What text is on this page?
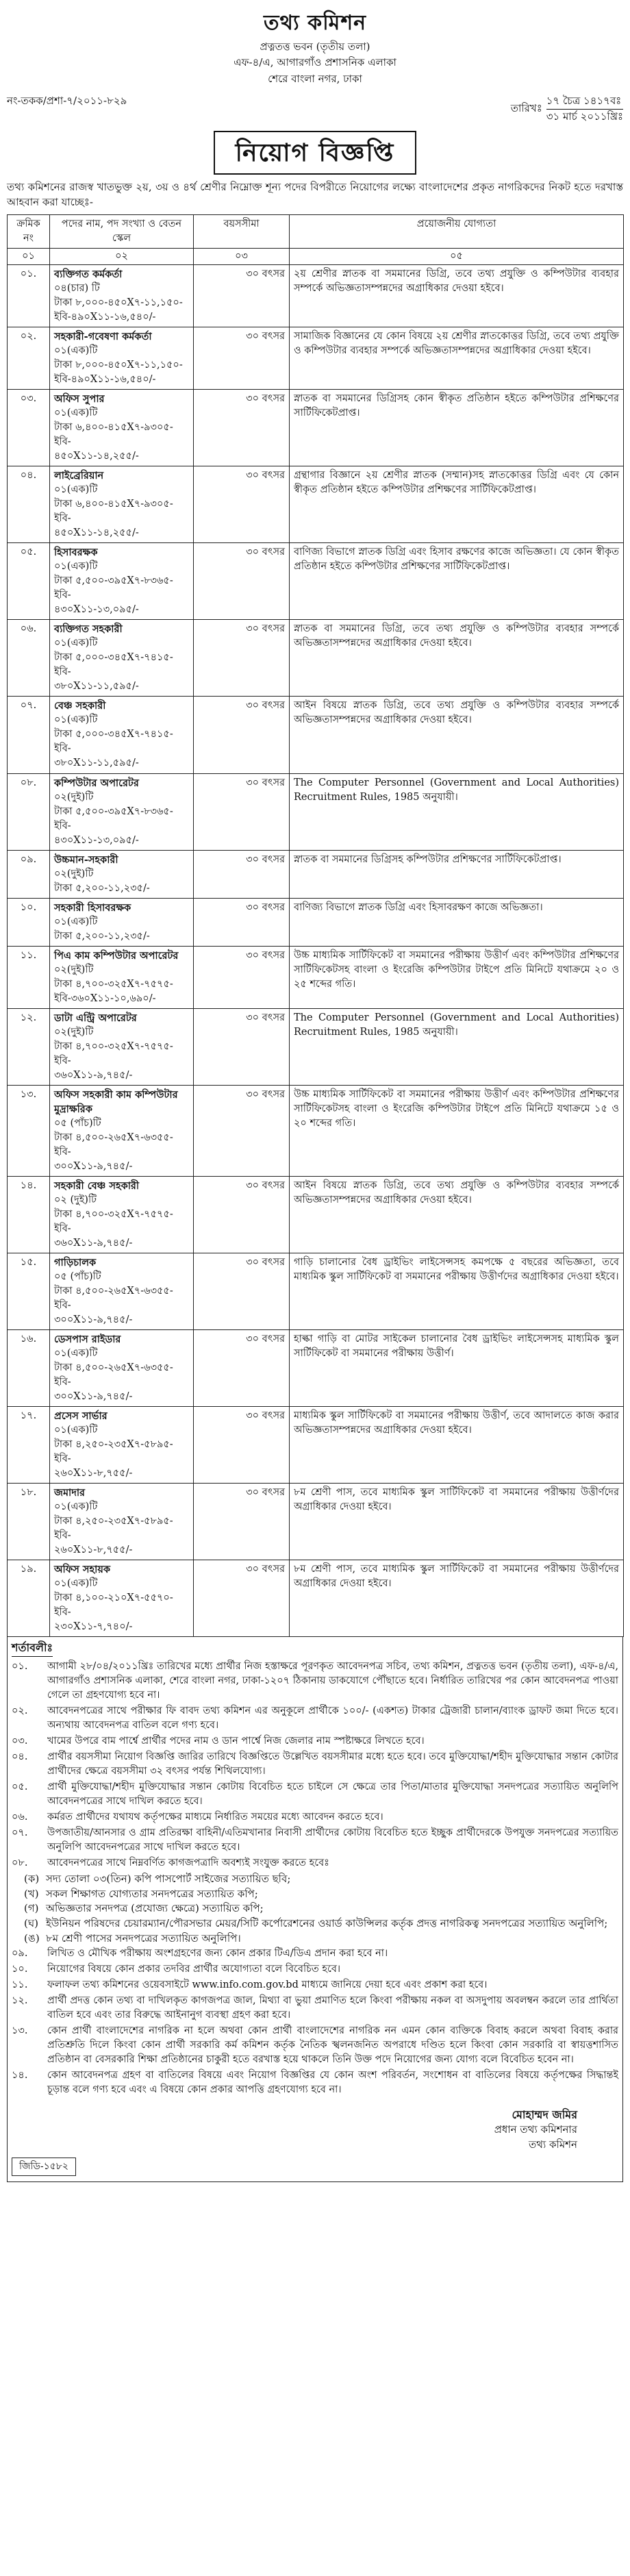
তথ্য কমিশন
প্রত্নতত্ত ভবন (তৃতীয় তলা)
এফ-৪/এ, আগারগাঁও প্রশাসনিক এলাকা
শেরে বাংলা নগর, ঢাকা
নং-তকক/প্রশা-৭/২০১১-৮২৯
তারিখঃ
১৭ চৈত্র ১৪১৭বঃ
৩১ মার্চ ২০১১খ্রিঃ
নিয়োগ বিজ্ঞপ্তি

তথ্য কমিশনের রাজস্ব খাতভুক্ত ২য়, ৩য় ও ৪র্থ শ্রেণীর নিম্নোক্ত শূন্য পদের বিপরীতে নিয়োগের লক্ষ্যে বাংলাদেশের প্রকৃত নাগরিকদের নিকট হতে দরখাস্ত আহবান করা যাচ্ছেঃ-

ক্রমিক নং	পদের নাম, পদ সংখ্যা ও বেতন স্কেল	বয়সসীমা	প্রয়োজনীয় যোগ্যতা
০১	০২	০৩	০৫
০১.	ব্যক্তিগত কর্মকর্তা
০৪(চার) টি
টাকা ৮,০০০-৪৫০X৭-১১,১৫০-
ইবি-৪৯০X১১-১৬,৫৪০/-	৩০ বৎসর	২য় শ্রেণীর স্নাতক বা সমমানের ডিগ্রি, তবে তথ্য প্রযুক্তি ও কম্পিউটার ব্যবহার সম্পর্কে অভিজ্ঞতাসম্পন্নদের অগ্রাধিকার দেওয়া হইবে।
০২.	সহকারী-গবেষণা কর্মকর্তা
০১(এক)টি
টাকা ৮,০০০-৪৫০X৭-১১,১৫০-
ইবি-৪৯০X১১-১৬,৫৪০/-	৩০ বৎসর	সামাজিক বিজ্ঞানের যে কোন বিষয়ে ২য় শ্রেণীর স্নাতকোত্তর ডিগ্রি, তবে তথ্য প্রযুক্তি ও কম্পিউটার ব্যবহার সম্পর্কে অভিজ্ঞতাসম্পন্নদের অগ্রাধিকার দেওয়া হইবে।
০৩.	অফিস সুপার
০১(এক)টি
টাকা ৬,৪০০-৪১৫X৭-৯৩০৫-ইবি-
৪৫০X১১-১৪,২৫৫/-	৩০ বৎসর	স্নাতক বা সমমানের ডিগ্রিসহ কোন স্বীকৃত প্রতিষ্ঠান হইতে কম্পিউটার প্রশিক্ষণের সার্টিফিকেটপ্রাপ্ত।
০৪.	লাইব্রেরিয়ান
০১(এক)টি
টাকা ৬,৪০০-৪১৫X৭-৯৩০৫-ইবি-
৪৫০X১১-১৪,২৫৫/-	৩০ বৎসর	গ্রন্থাগার বিজ্ঞানে ২য় শ্রেণীর স্নাতক (সম্মান)সহ স্নাতকোত্তর ডিগ্রি এবং যে কোন স্বীকৃত প্রতিষ্ঠান হইতে কম্পিউটার প্রশিক্ষণের সার্টিফিকেটপ্রাপ্ত।
০৫.	হিসাবরক্ষক
০১(এক)টি
টাকা ৫,৫০০-৩৯৫X৭-৮৩৬৫-ইবি-
৪৩০X১১-১৩,০৯৫/-	৩০ বৎসর	বাণিজ্য বিভাগে স্নাতক ডিগ্রি এবং হিসাব রক্ষণের কাজে অভিজ্ঞতা। যে কোন স্বীকৃত প্রতিষ্ঠান হইতে কম্পিউটার প্রশিক্ষণের সার্টিফিকেটপ্রাপ্ত।
০৬.	ব্যক্তিগত সহকারী
০১(এক)টি
টাকা ৫,০০০-৩৪৫X৭-৭৪১৫-ইবি-
৩৮০X১১-১১,৫৯৫/-	৩০ বৎসর	স্নাতক বা সমমানের ডিগ্রি, তবে তথ্য প্রযুক্তি ও কম্পিউটার ব্যবহার সম্পর্কে অভিজ্ঞতাসম্পন্নদের অগ্রাধিকার দেওয়া হইবে।
০৭.	বেঞ্চ সহকারী
০১(এক)টি
টাকা ৫,০০০-৩৪৫X৭-৭৪১৫-ইবি-
৩৮০X১১-১১,৫৯৫/-	৩০ বৎসর	আইন বিষয়ে স্নাতক ডিগ্রি, তবে তথ্য প্রযুক্তি ও কম্পিউটার ব্যবহার সম্পর্কে অভিজ্ঞতাসম্পন্নদের অগ্রাধিকার দেওয়া হইবে।
০৮.	কম্পিউটার অপারেটর
০২(দুই)টি
টাকা ৫,৫০০-৩৯৫X৭-৮৩৬৫-ইবি-
৪৩০X১১-১৩,০৯৫/-	৩০ বৎসর	The Computer Personnel (Government and Local Authorities) Recruitment Rules, 1985 অনুযায়ী।
০৯.	উচ্চমান-সহকারী
০২(দুই)টি
টাকা ৫,২০০-১১,২৩৫/-	৩০ বৎসর	স্নাতক বা সমমানের ডিগ্রিসহ কম্পিউটার প্রশিক্ষণের সার্টিফিকেটপ্রাপ্ত।
১০.	সহকারী হিসাবরক্ষক
০১(এক)টি
টাকা ৫,২০০-১১,২৩৫/-	৩০ বৎসর	বাণিজ্য বিভাগে স্নাতক ডিগ্রি এবং হিসাবরক্ষণ কাজে অভিজ্ঞতা।
১১.	পিএ কাম কম্পিউটার অপারেটর
০২(দুই)টি
টাকা ৪,৭০০-৩২৫X৭-৭৫৭৫-
ইবি-৩৬০X১১-১০,৬৯০/-	৩০ বৎসর	উচ্চ মাধ্যমিক সার্টিফিকেট বা সমমানের পরীক্ষায় উত্তীর্ণ এবং কম্পিউটার প্রশিক্ষণের সার্টিফিকেটসহ বাংলা ও ইংরেজি কম্পিউটার টাইপে প্রতি মিনিটে যথাক্রমে ২০ ও ২৫ শব্দের গতি।
১২.	ডাটা এন্ট্রি অপারেটর
০২(দুই)টি
টাকা ৪,৭০০-৩২৫X৭-৭৫৭৫-ইবি-
৩৬০X১১-৯,৭৪৫/-	৩০ বৎসর	The Computer Personnel (Government and Local Authorities) Recruitment Rules, 1985 অনুযায়ী।
১৩.	অফিস সহকারী কাম কম্পিউটার মুদ্রাক্ষরিক
০৫ (পাঁচ)টি
টাকা ৪,৫০০-২৬৫X৭-৬৩৫৫-ইবি-
৩০০X১১-৯,৭৪৫/-	৩০ বৎসর	উচ্চ মাধ্যমিক সার্টিফিকেট বা সমমানের পরীক্ষায় উত্তীর্ণ এবং কম্পিউটার প্রশিক্ষণের সার্টিফিকেটসহ বাংলা ও ইংরেজি কম্পিউটার টাইপে প্রতি মিনিটে যথাক্রমে ১৫ ও ২০ শব্দের গতি।
১৪.	সহকারী বেঞ্চ সহকারী
০২ (দুই)টি
টাকা ৪,৭০০-৩২৫X৭-৭৫৭৫-ইবি-
৩৬০X১১-৯,৭৪৫/-	৩০ বৎসর	আইন বিষয়ে স্নাতক ডিগ্রি, তবে তথ্য প্রযুক্তি ও কম্পিউটার ব্যবহার সম্পর্কে অভিজ্ঞতাসম্পন্নদের অগ্রাধিকার দেওয়া হইবে।
১৫.	গাড়িচালক
০৫ (পাঁচ)টি
টাকা ৪,৫০০-২৬৫X৭-৬৩৫৫-ইবি-
৩০০X১১-৯,৭৪৫/-	৩০ বৎসর	গাড়ি চালানোর বৈধ ড্রাইভিং লাইসেন্সসহ কমপক্ষে ৫ বছরের অভিজ্ঞতা, তবে মাধ্যমিক স্কুল সার্টিফিকেট বা সমমানের পরীক্ষায় উত্তীর্ণদের অগ্রাধিকার দেওয়া হইবে।
১৬.	ডেসপাস রাইডার
০১(এক)টি
টাকা ৪,৫০০-২৬৫X৭-৬৩৫৫-ইবি-
৩০০X১১-৯,৭৪৫/-	৩০ বৎসর	হাল্কা গাড়ি বা মোটর সাইকেল চালানোর বৈধ ড্রাইভিং লাইসেন্সসহ মাধ্যমিক স্কুল সার্টিফিকেট বা সমমানের পরীক্ষায় উত্তীর্ণ।
১৭.	প্রসেস সার্ভার
০১(এক)টি
টাকা ৪,২৫০-২৩৫X৭-৫৮৯৫-ইবি-
২৬০X১১-৮,৭৫৫/-	৩০ বৎসর	মাধ্যমিক স্কুল সার্টিফিকেট বা সমমানের পরীক্ষায় উত্তীর্ণ, তবে আদালতে কাজ করার অভিজ্ঞতাসম্পন্নদের অগ্রাধিকার দেওয়া হইবে।
১৮.	জমাদার
০১(এক)টি
টাকা ৪,২৫০-২৩৫X৭-৫৮৯৫-ইবি-
২৬০X১১-৮,৭৫৫/-	৩০ বৎসর	৮ম শ্রেণী পাস, তবে মাধ্যমিক স্কুল সার্টিফিকেট বা সমমানের পরীক্ষায় উত্তীর্ণদের অগ্রাধিকার দেওয়া হইবে।
১৯.	অফিস সহায়ক
০১(এক)টি
টাকা ৪,১০০-২১০X৭-৫৫৭০-ইবি-
২৩০X১১-৭,৭৪০/-	৩০ বৎসর	৮ম শ্রেণী পাস, তবে মাধ্যমিক স্কুল সার্টিফিকেট বা সমমানের পরীক্ষায় উত্তীর্ণদের অগ্রাধিকার দেওয়া হইবে।
শর্তাবলীঃ
০১.	আগামী ২৮/০৪/২০১১খ্রিঃ তারিখের মধ্যে প্রার্থীর নিজ হস্তাক্ষরে পূরণকৃত আবেদনপত্র সচিব, তথ্য কমিশন, প্রত্নতত্ত ভবন (তৃতীয় তলা), এফ-৪/এ, আগারগাঁও প্রশাসনিক এলাকা, শেরে বাংলা নগর, ঢাকা-১২০৭ ঠিকানায় ডাকযোগে পৌঁছাতে হবে। নির্ধারিত তারিখের পর কোন আবেদনপত্র পাওয়া গেলে তা গ্রহণযোগ্য হবে না।
০২.	আবেদনপত্রের সাথে পরীক্ষার ফি বাবদ তথ্য কমিশন এর অনুকূলে প্রার্থীকে ১০০/- (একশত) টাকার ট্রেজারী চালান/ব্যাংক ড্রাফট জমা দিতে হবে। অন্যথায় আবেদনপত্র বাতিল বলে গণ্য হবে।
০৩.	খামের উপরে বাম পার্শ্বে প্রার্থীর পদের নাম ও ডান পার্শ্বে নিজ জেলার নাম স্পষ্টাক্ষরে লিখতে হবে।
০৪.	প্রার্থীর বয়সসীমা নিয়োগ বিজ্ঞপ্তি জারির তারিখে বিজ্ঞপ্তিতে উল্লেখিত বয়সসীমার মধ্যে হতে হবে। তবে মুক্তিযোদ্ধা/শহীদ মুক্তিযোদ্ধার সন্তান কোটার প্রার্থীদের ক্ষেত্রে বয়সসীমা ৩২ বৎসর পর্যন্ত শিথিলযোগ্য।
০৫.	প্রার্থী মুক্তিযোদ্ধা/শহীদ মুক্তিযোদ্ধার সন্তান কোটায় বিবেচিত হতে চাইলে সে ক্ষেত্রে তার পিতা/মাতার মুক্তিযোদ্ধা সনদপত্রের সত্যায়িত অনুলিপি আবেদনপত্রের সাথে দাখিল করতে হবে।
০৬.	কর্মরত প্রার্থীদের যথাযথ কর্তৃপক্ষের মাধ্যমে নির্ধারিত সময়ের মধ্যে আবেদন করতে হবে।
০৭.	উপজাতীয়/আনসার ও গ্রাম প্রতিরক্ষা বাহিনী/এতিমখানার নিবাসী প্রার্থীদের কোটায় বিবেচিত হতে ইচ্ছুক প্রার্থীদেরকে উপযুক্ত সনদপত্রের সত্যায়িত অনুলিপি আবেদনপত্রের সাথে দাখিল করতে হবে।
০৮.	আবেদনপত্রের সাথে নিম্নবর্ণিত কাগজপত্রাদি অবশ্যই সংযুক্ত করতে হবেঃ
(ক) সদ্য তোলা ০৩(তিন) কপি পাসপোর্ট সাইজের সত্যায়িত ছবি;
(খ) সকল শিক্ষাগত যোগ্যতার সনদপত্রের সত্যায়িত কপি;
(গ) অভিজ্ঞতার সনদপত্র (প্রযোজ্য ক্ষেত্রে) সত্যায়িত কপি;
(ঘ) ইউনিয়ন পরিষদের চেয়ারম্যান/পৌরসভার মেয়র/সিটি কর্পোরেশনের ওয়ার্ড কাউন্সিলর কর্তৃক প্রদত্ত নাগরিকত্ব সনদপত্রের সত্যায়িত অনুলিপি;
(ঙ) ৮ম শ্রেণী পাসের সনদপত্রের সত্যায়িত অনুলিপি।
০৯.	লিখিত ও মৌখিক পরীক্ষায় অংশগ্রহণের জন্য কোন প্রকার টিএ/ডিএ প্রদান করা হবে না।
১০.	নিয়োগের বিষয়ে কোন প্রকার তদবির প্রার্থীর অযোগ্যতা বলে বিবেচিত হবে।
১১.	ফলাফল তথ্য কমিশনের ওয়েবসাইটে www.info.com.gov.bd মাধ্যমে জানিয়ে দেয়া হবে এবং প্রকাশ করা হবে।
১২.	প্রার্থী প্রদত্ত কোন তথ্য বা দাখিলকৃত কাগজপত্র জাল, মিথ্যা বা ভুয়া প্রমাণিত হলে কিংবা পরীক্ষায় নকল বা অসদুপায় অবলম্বন করলে তার প্রার্থিতা বাতিল হবে এবং তার বিরুদ্ধে আইনানুগ ব্যবস্থা গ্রহণ করা হবে।
১৩.	কোন প্রার্থী বাংলাদেশের নাগরিক না হলে অথবা কোন প্রার্থী বাংলাদেশের নাগরিক নন এমন কোন ব্যক্তিকে বিবাহ করলে অথবা বিবাহ করার প্রতিশ্রুতি দিলে কিংবা কোন প্রার্থী সরকারি কর্ম কমিশন কর্তৃক নৈতিক স্খলনজনিত অপরাধে দণ্ডিত হলে কিংবা কোন সরকারি বা স্বায়ত্তশাসিত প্রতিষ্ঠান বা বেসরকারি শিক্ষা প্রতিষ্ঠানের চাকুরী হতে বরখাস্ত হয়ে থাকলে তিনি উক্ত পদে নিয়োগের জন্য যোগ্য বলে বিবেচিত হবেন না।
১৪.	কোন আবেদনপত্র গ্রহণ বা বাতিলের বিষয়ে এবং নিয়োগ বিজ্ঞপ্তির যে কোন অংশ পরিবর্তন, সংশোধন বা বাতিলের বিষয়ে কর্তৃপক্ষের সিদ্ধান্তই চূড়ান্ত বলে গণ্য হবে এবং এ বিষয়ে কোন প্রকার আপত্তি গ্রহণযোগ্য হবে না।
মোহাম্মদ জমির
প্রধান তথ্য কমিশনার
তথ্য কমিশন
জিডি-১৫৮২
